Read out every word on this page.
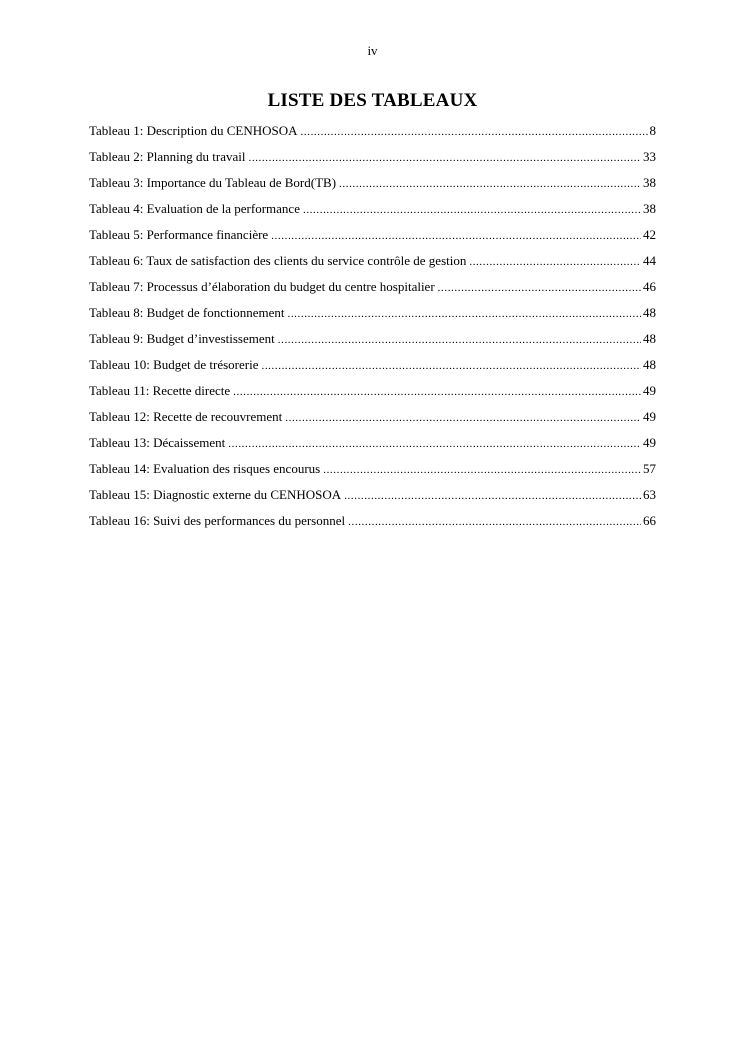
iv
LISTE DES TABLEAUX
Tableau 1: Description du CENHOSOA .....	8
Tableau 2: Planning du travail .....	33
Tableau 3: Importance du Tableau de Bord(TB) .....	38
Tableau 4: Evaluation de la performance .....	38
Tableau 5: Performance financière .....	42
Tableau 6: Taux de satisfaction des clients du service contrôle de gestion .....	44
Tableau 7: Processus d’élaboration du budget du centre hospitalier .....	46
Tableau 8: Budget de fonctionnement .....	48
Tableau 9: Budget d’investissement .....	48
Tableau 10: Budget de trésorerie .....	48
Tableau 11: Recette directe .....	49
Tableau 12: Recette de recouvrement .....	49
Tableau 13: Décaissement .....	49
Tableau 14: Evaluation des risques encourus .....	57
Tableau 15: Diagnostic externe du CENHOSOA .....	63
Tableau 16: Suivi des performances du personnel .....	66
